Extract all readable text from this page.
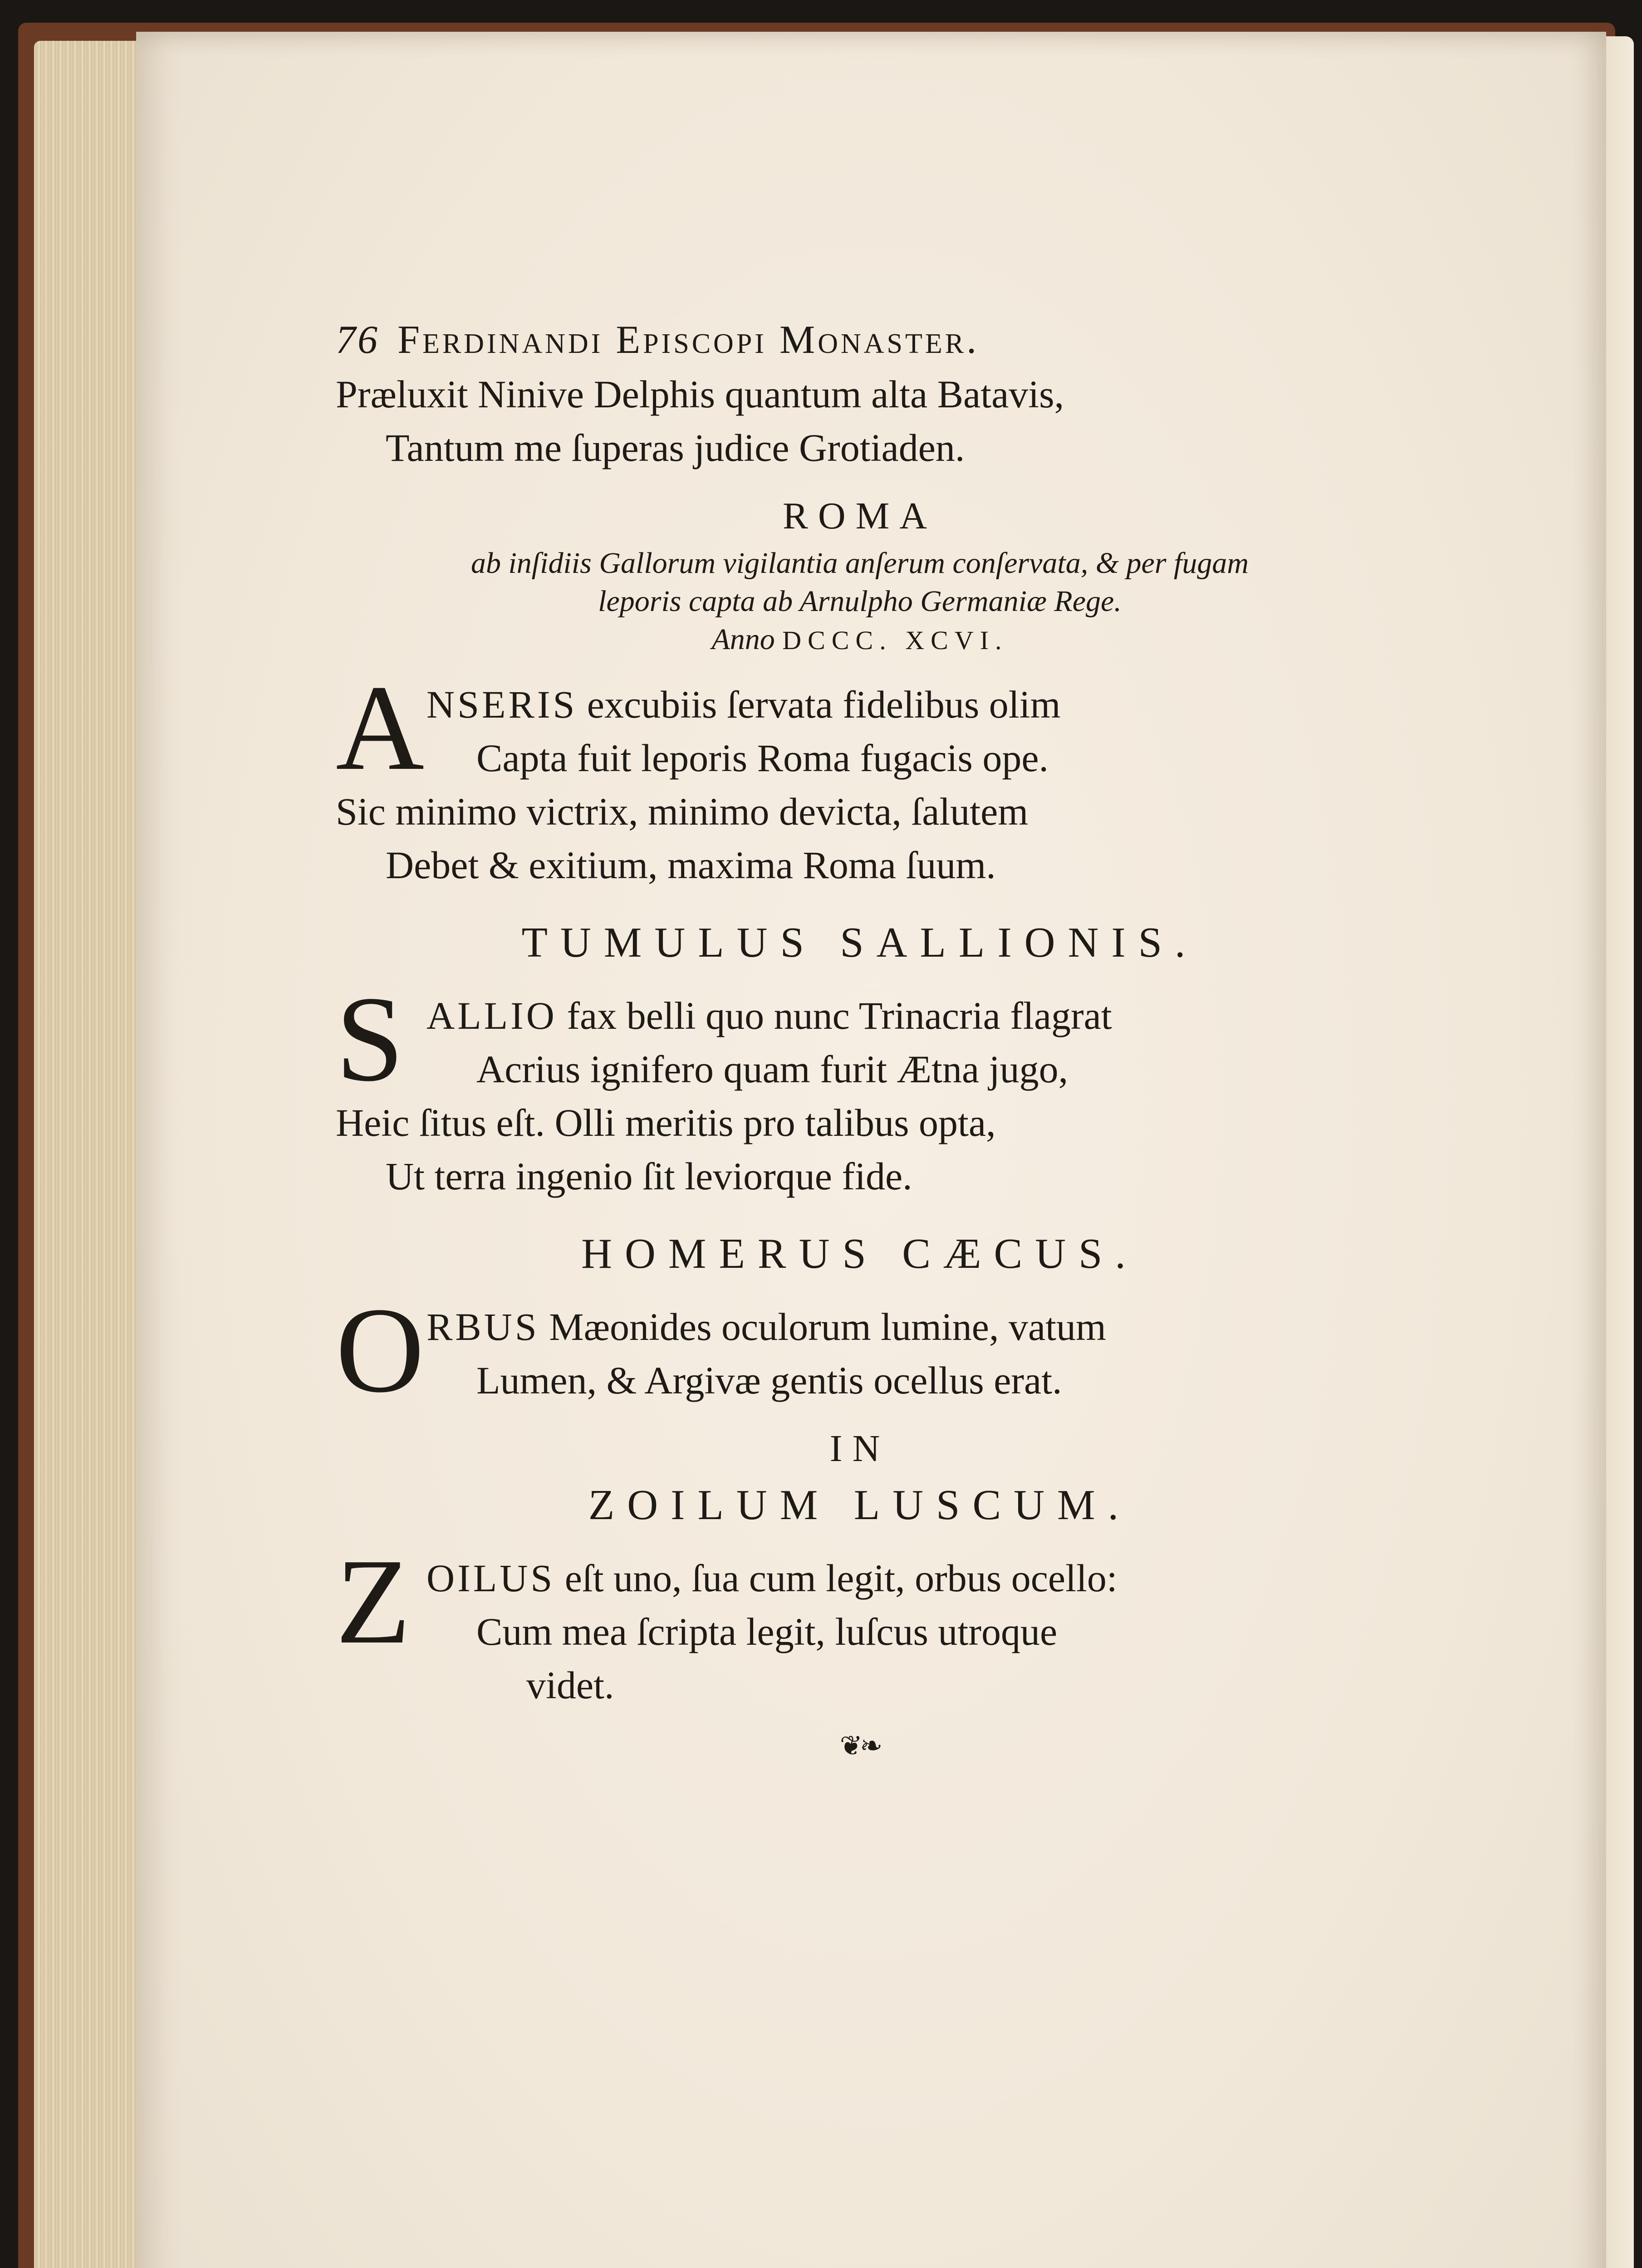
76 Ferdinandi Episcopi Monaster.
Præluxit Ninive Delphis quantum alta Batavis,
Tantum me ſuperas judice Grotiaden.
ROMA
ab inſidiis Gallorum vigilantia anſerum conſervata, & per fugam
leporis capta ab Arnulpho Germaniæ Rege.
Anno DCCC. XCVI.
A NSERIS excubiis ſervata fidelibus olim
Capta fuit leporis Roma fugacis ope.
Sic minimo victrix, minimo devicta, ſalutem
Debet & exitium, maxima Roma ſuum.
TUMULUS SALLIONIS.
S ALLIO fax belli quo nunc Trinacria flagrat
Acrius ignifero quam furit Ætna jugo,
Heic ſitus eſt. Olli meritis pro talibus opta,
Ut terra ingenio ſit leviorque fide.
HOMERUS CÆCUS.
O RBUS Mæonides oculorum lumine, vatum
Lumen, & Argivæ gentis ocellus erat.
IN
ZOILUM LUSCUM.
Z OILUS eſt uno, ſua cum legit, orbus ocello:
Cum mea ſcripta legit, luſcus utroque
videt.
❦❧
